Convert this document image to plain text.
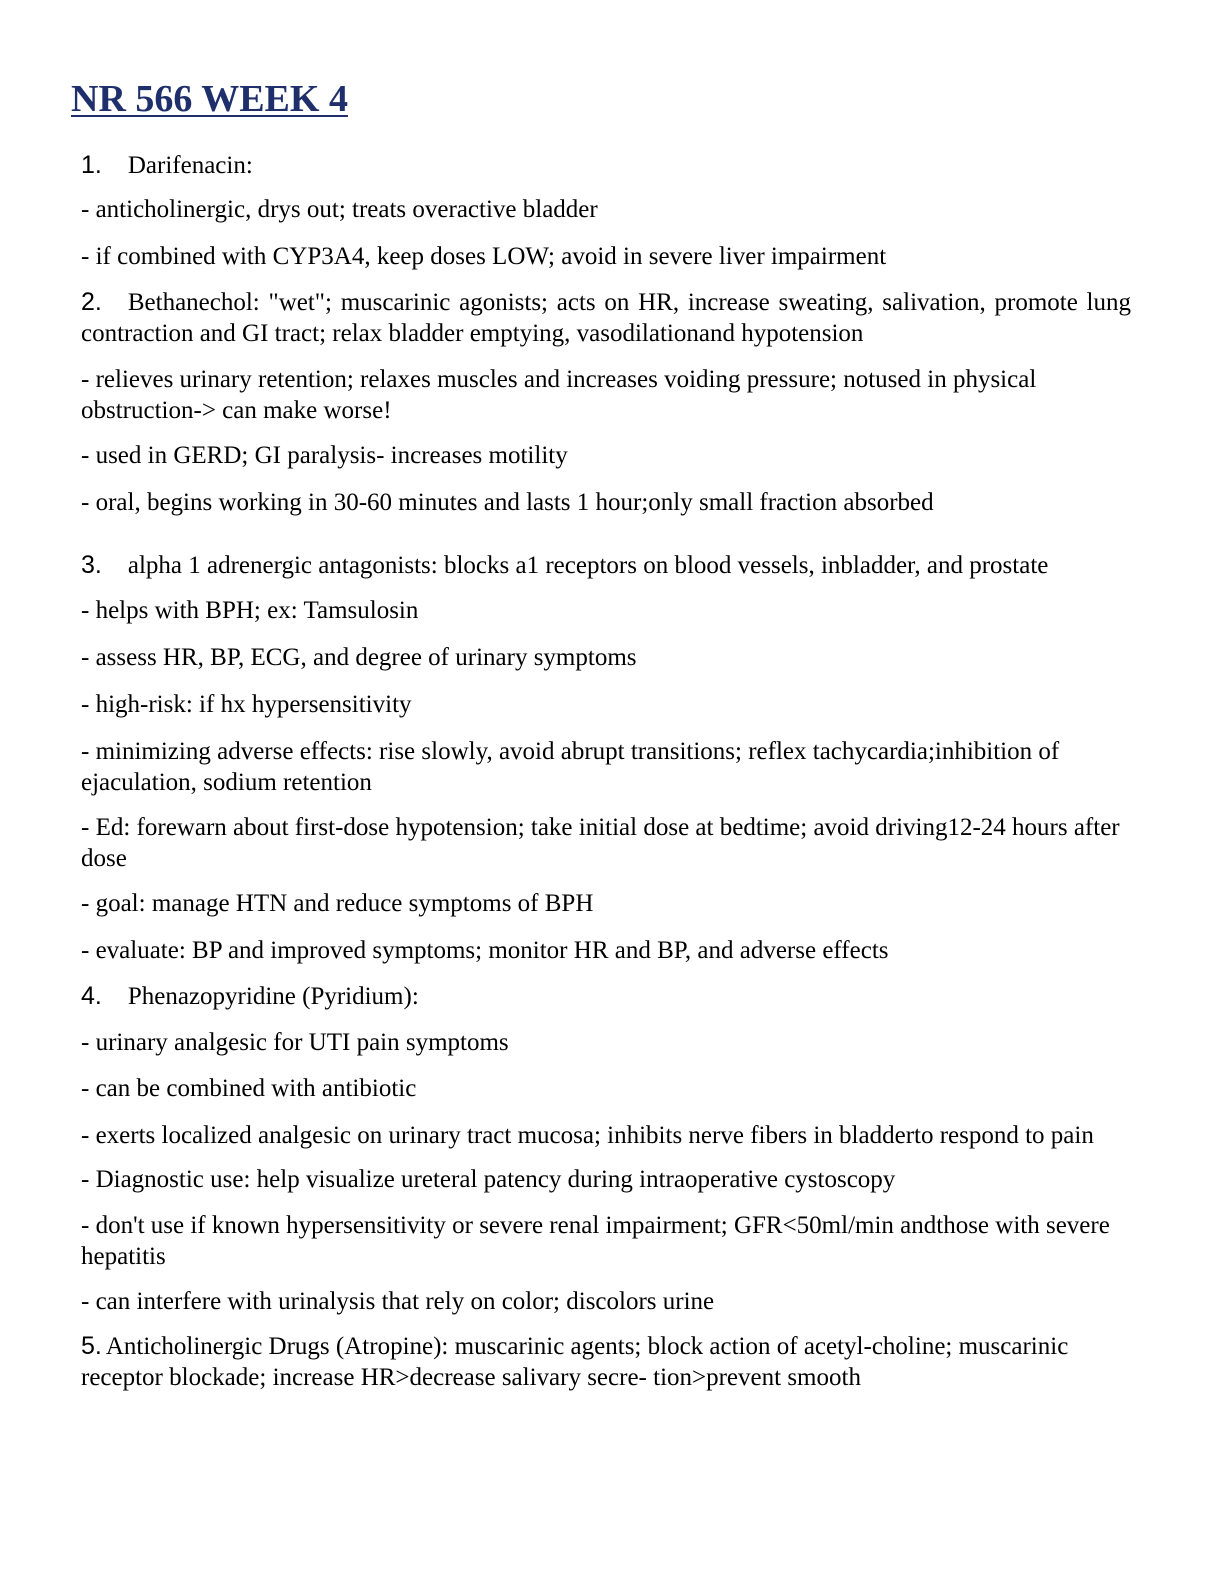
NR 566 WEEK 4

1. Darifenacin:

- anticholinergic, drys out; treats overactive bladder

- if combined with CYP3A4, keep doses LOW; avoid in severe liver impairment

2. Bethanechol: "wet"; muscarinic agonists; acts on HR, increase sweating, salivation, promote lung contraction and GI tract; relax bladder emptying, vasodilationand hypotension

- relieves urinary retention; relaxes muscles and increases voiding pressure; notused in physical obstruction-> can make worse!

- used in GERD; GI paralysis- increases motility

- oral, begins working in 30-60 minutes and lasts 1 hour;only small fraction absorbed

3. alpha 1 adrenergic antagonists: blocks a1 receptors on blood vessels, inbladder, and prostate

- helps with BPH; ex: Tamsulosin

- assess HR, BP, ECG, and degree of urinary symptoms

- high-risk: if hx hypersensitivity

- minimizing adverse effects: rise slowly, avoid abrupt transitions; reflex tachycardia;inhibition of ejaculation, sodium retention

- Ed: forewarn about first-dose hypotension; take initial dose at bedtime; avoid driving12-24 hours after dose

- goal: manage HTN and reduce symptoms of BPH

- evaluate: BP and improved symptoms; monitor HR and BP, and adverse effects

4. Phenazopyridine (Pyridium):

- urinary analgesic for UTI pain symptoms

- can be combined with antibiotic

- exerts localized analgesic on urinary tract mucosa; inhibits nerve fibers in bladderto respond to pain

- Diagnostic use: help visualize ureteral patency during intraoperative cystoscopy

- don't use if known hypersensitivity or severe renal impairment; GFR<50ml/min andthose with severe hepatitis

- can interfere with urinalysis that rely on color; discolors urine

5. Anticholinergic Drugs (Atropine): muscarinic agents; block action of acetyl-choline; muscarinic receptor blockade; increase HR>decrease salivary secre- tion>prevent smooth
